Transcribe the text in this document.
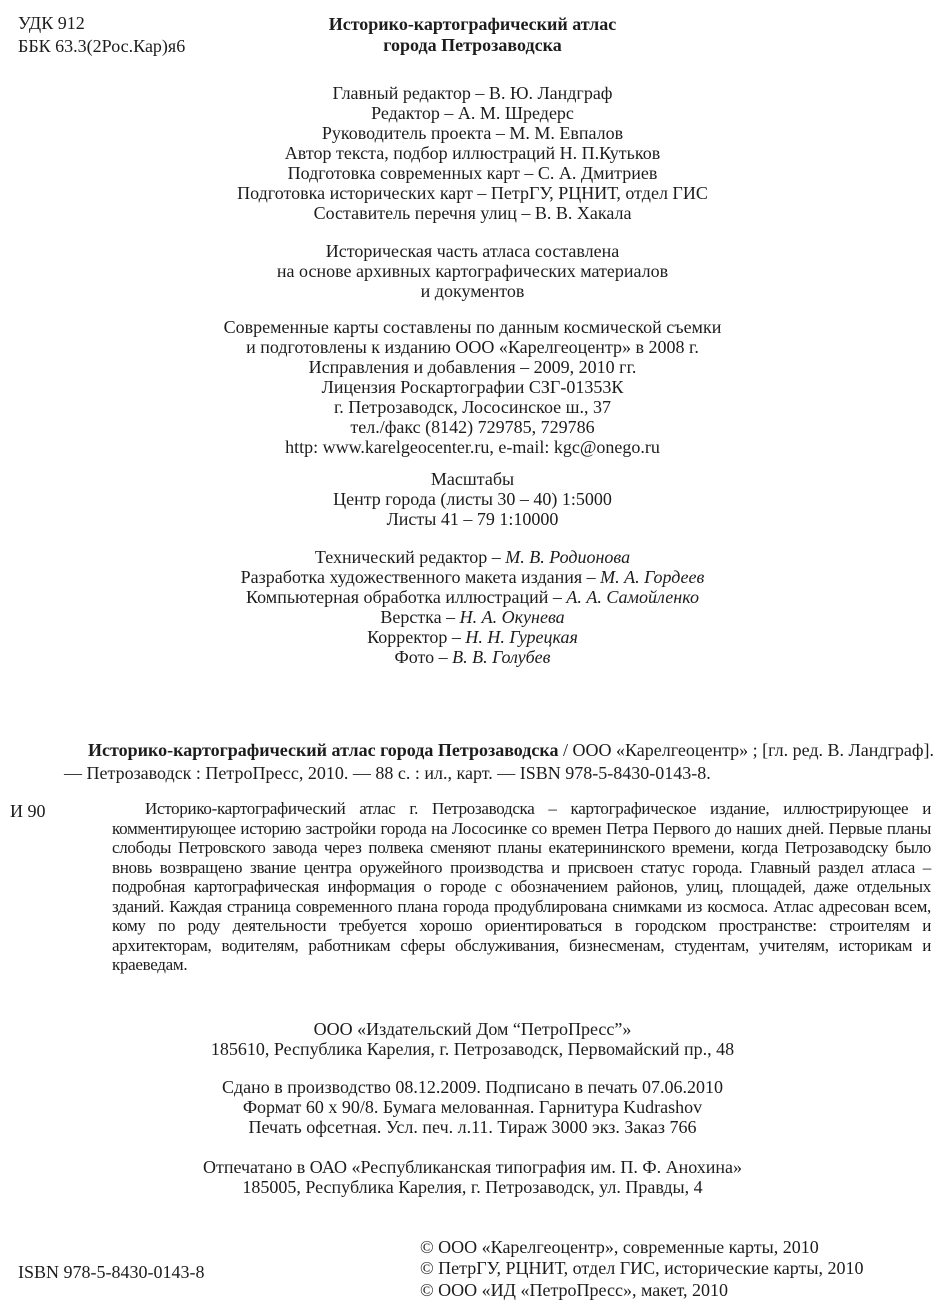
УДК 912
ББК 63.3(2Рос.Кар)я6
Историко-картографический атлас
города Петрозаводска
Главный редактор – В. Ю. Ландграф
Редактор – А. М. Шредерс
Руководитель проекта – М. М. Евпалов
Автор текста, подбор иллюстраций Н. П.Кутьков
Подготовка современных карт – С. А. Дмитриев
Подготовка исторических карт – ПетрГУ, РЦНИТ, отдел ГИС
Составитель перечня улиц – В. В. Хакала
Историческая часть атласа составлена
на основе архивных картографических материалов
и документов
Современные карты составлены по данным космической съемки
и подготовлены к изданию ООО «Карелгеоцентр» в 2008 г.
Исправления и добавления – 2009, 2010 гг.
Лицензия Роскартографии СЗГ-01353К
г. Петрозаводск, Лососинское ш., 37
тел./факс (8142) 729785, 729786
http: www.karelgeocenter.ru, e-mail: kgc@onego.ru
Масштабы
Центр города (листы 30 – 40) 1:5000
Листы 41 – 79 1:10000
Технический редактор – М. В. Родионова
Разработка художественного макета издания – М. А. Гордеев
Компьютерная обработка иллюстраций – А. А. Самойленко
Верстка – Н. А. Окунева
Корректор – Н. Н. Гурецкая
Фото – В. В. Голубев

Историко-картографический атлас города Петрозаводска / ООО «Карелгеоцентр» ; [гл. ред. В. Ландграф]. — Петрозаводск : ПетроПресс, 2010. — 88 с. : ил., карт. — ISBN 978-5-8430-0143-8.

И 90	Историко-картографический атлас г. Петрозаводска – картографическое издание, иллюстрирующее и комментирующее историю застройки города на Лососинке со времен Петра Первого до наших дней. Первые планы слободы Петровского завода через полвека сменяют планы екатерининского времени, когда Петрозаводску было вновь возвращено звание центра оружейного производства и присвоен статус города. Главный раздел атласа – подробная картографическая информация о городе с обозначением районов, улиц, площадей, даже отдельных зданий. Каждая страница современного плана города продублирована снимками из космоса. Атлас адресован всем, кому по роду деятельности требуется хорошо ориентироваться в городском пространстве: строителям и архитекторам, водителям, работникам сферы обслуживания, бизнесменам, студентам, учителям, историкам и краеведам.

ООО «Издательский Дом “ПетроПресс”»
185610, Республика Карелия, г. Петрозаводск, Первомайский пр., 48
Сдано в производство 08.12.2009. Подписано в печать 07.06.2010
Формат 60 х 90/8. Бумага мелованная. Гарнитура Kudrashov
Печать офсетная. Усл. печ. л.11. Тираж 3000 экз. Заказ 766
Отпечатано в ОАО «Республиканская типография им. П. Ф. Анохина»
185005, Республика Карелия, г. Петрозаводск, ул. Правды, 4
© ООО «Карелгеоцентр», современные карты, 2010
© ПетрГУ, РЦНИТ, отдел ГИС, исторические карты, 2010
© ООО «ИД «ПетроПресс», макет, 2010
ISBN 978-5-8430-0143-8
